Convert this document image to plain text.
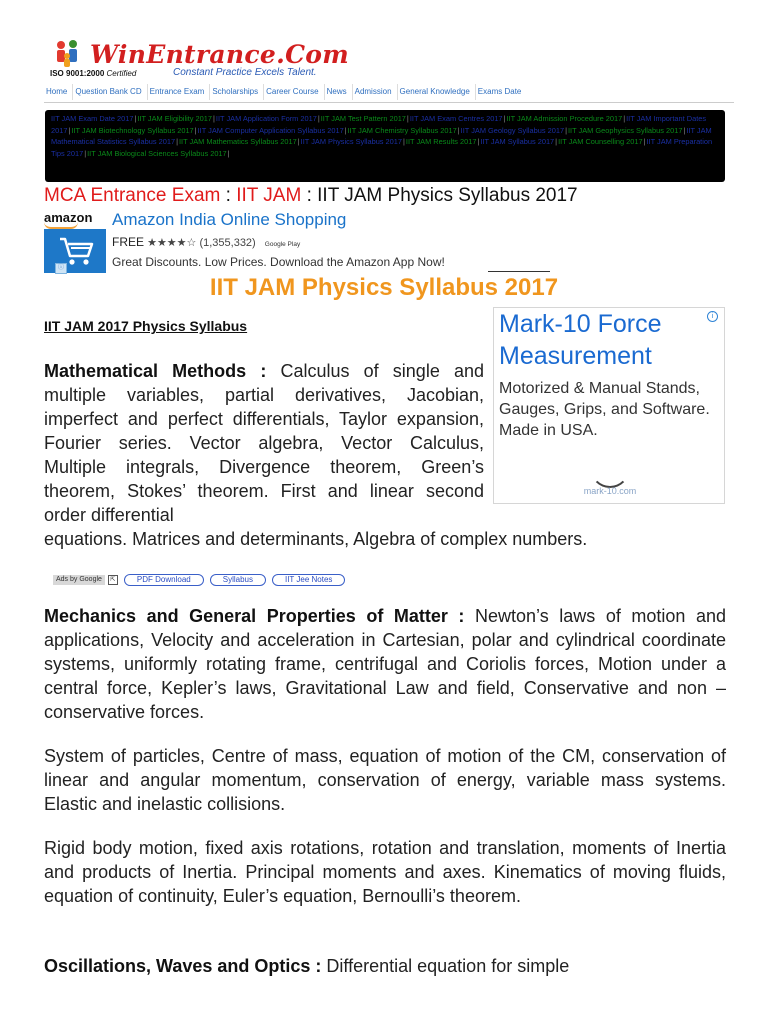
WinEntrance.Com
ISO 9001:2000 Certified	Constant Practice Excels Talent.
Home	Question Bank CD	Entrance Exam	Scholarships	Career Course	News	Admission	General Knowledge	Exams Date
IIT JAM Exam Date 2017|IIT JAM Eligibility 2017|IIT JAM Application Form 2017|IIT JAM Test Pattern 2017|IIT JAM Exam Centres 2017|IIT JAM Admission Procedure 2017|IIT JAM Important Dates 2017|IIT JAM Biotechnology Syllabus 2017|IIT JAM Computer Application Syllabus 2017|IIT JAM Chemistry Syllabus 2017|IIT JAM Geology Syllabus 2017|IIT JAM Geophysics Syllabus 2017|IIT JAM Mathematical Statistics Syllabus 2017|IIT JAM Mathematics Syllabus 2017|IIT JAM Physics Syllabus 2017|IIT JAM Results 2017|IIT JAM Syllabus 2017|IIT JAM Counselling 2017|IIT JAM Preparation Tips 2017|IIT JAM Biological Sciences Syllabus 2017|
MCA Entrance Exam : IIT JAM : IIT JAM Physics Syllabus 2017
amazon
ⓘ
Amazon India Online Shopping
FREE ★★★★☆ (1,355,332) Google Play
Great Discounts. Low Prices. Download the Amazon App Now!
IIT JAM Physics Syllabus 2017
IIT JAM 2017 Physics Syllabus
i
Mark-10 Force Measurement
Motorized & Manual Stands, Gauges, Grips, and Software. Made in USA.
mark-10.com

Mathematical Methods : Calculus of single and multiple variables, partial derivatives, Jacobian, imperfect and perfect differentials, Taylor expansion, Fourier series. Vector algebra, Vector Calculus, Multiple integrals, Divergence theorem, Green’s theorem, Stokes’ theorem. First and linear second order differential

equations. Matrices and determinants, Algebra of complex numbers.

Ads by Google	⇱	PDF Download	Syllabus	IIT Jee Notes

Mechanics and General Properties of Matter : Newton’s laws of motion and applications, Velocity and acceleration in Cartesian, polar and cylindrical coordinate systems, uniformly rotating frame, centrifugal and Coriolis forces, Motion under a central force, Kepler’s laws, Gravitational Law and field, Conservative and non – conservative forces.

System of particles, Centre of mass, equation of motion of the CM, conservation of linear and angular momentum, conservation of energy, variable mass systems. Elastic and inelastic collisions.

Rigid body motion, fixed axis rotations, rotation and translation, moments of Inertia and products of Inertia. Principal moments and axes. Kinematics of moving fluids, equation of continuity, Euler’s equation, Bernoulli’s theorem.

Oscillations, Waves and Optics : Differential equation for simple
